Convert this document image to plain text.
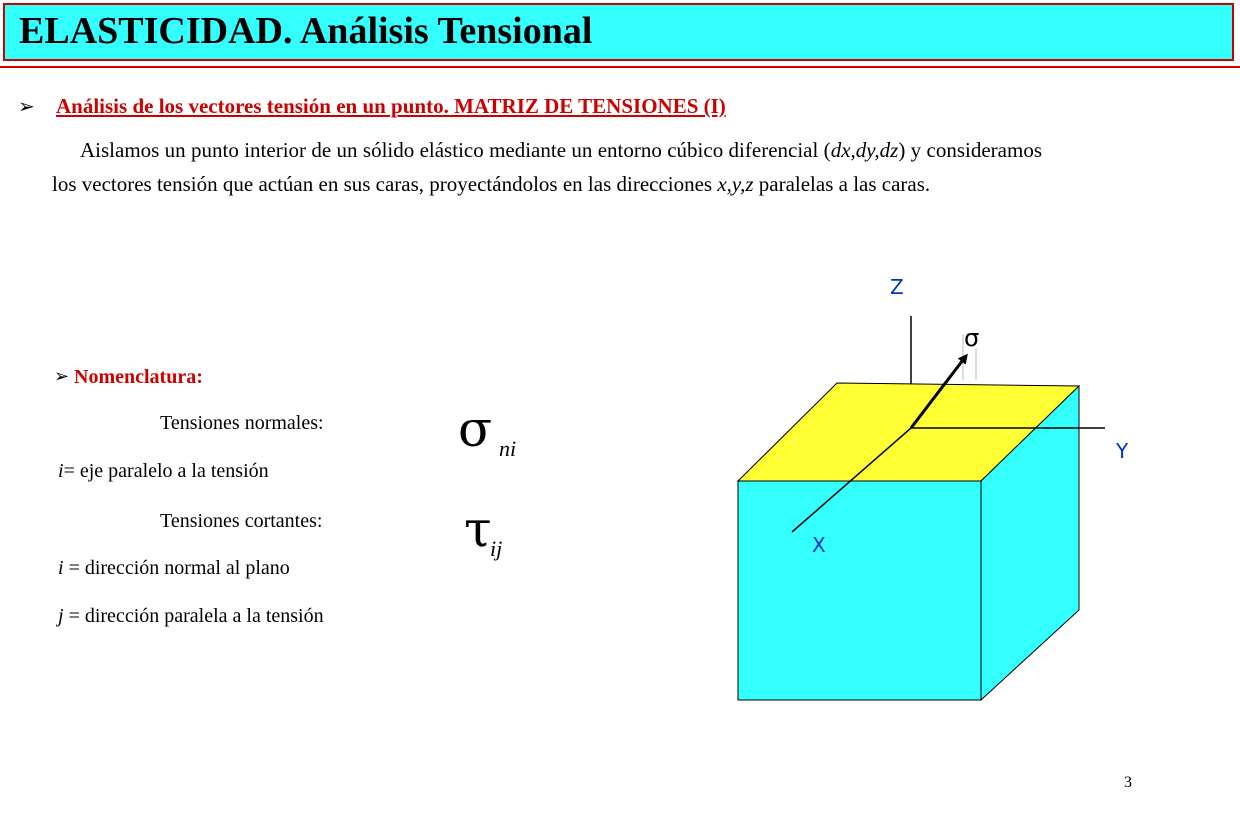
ELASTICIDAD. Análisis Tensional
➢ Análisis de los vectores tensión en un punto. MATRIZ DE TENSIONES (I)
Aislamos un punto interior de un sólido elástico mediante un entorno cúbico diferencial (dx,dy,dz) y consideramos los vectores tensión que actúan en sus caras, proyectándolos en las direcciones x,y,z paralelas a las caras.
➢ Nomenclatura:
Tensiones normales:	σ ni
i= eje paralelo a la tensión
Tensiones cortantes:	τ
ij
i = dirección normal al plano
j = dirección paralela a la tensión
σ
Z
Y
X
3
